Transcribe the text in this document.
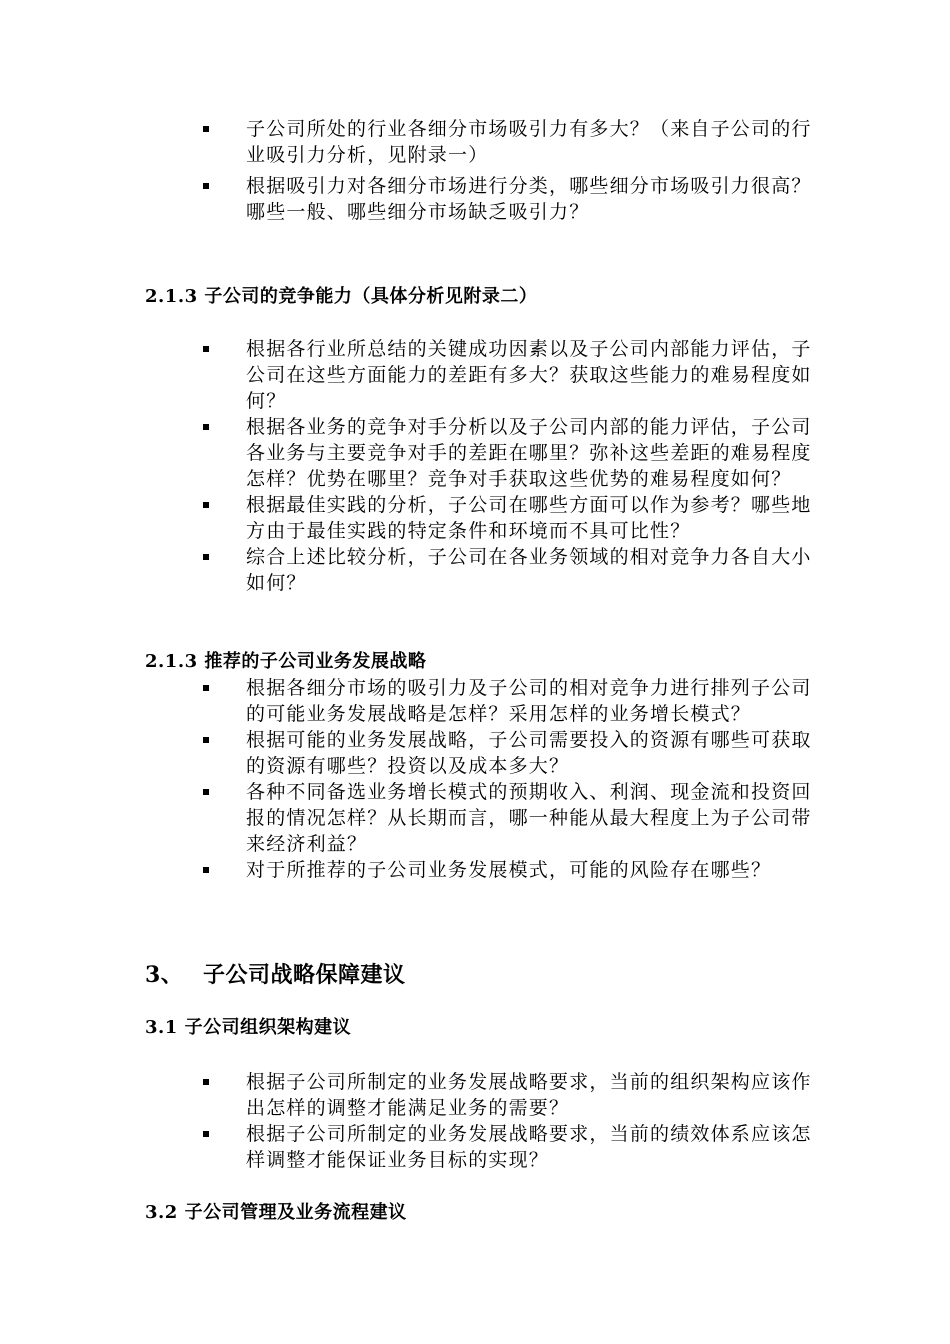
子公司所处的行业各细分市场吸引力有多大？（来自子公司的行业吸引力分析，见附录一）
根据吸引力对各细分市场进行分类，哪些细分市场吸引力很高？哪些一般、哪些细分市场缺乏吸引力？
2.1.3 子公司的竞争能力（具体分析见附录二）
根据各行业所总结的关键成功因素以及子公司内部能力评估，子公司在这些方面能力的差距有多大？获取这些能力的难易程度如何？
根据各业务的竞争对手分析以及子公司内部的能力评估，子公司各业务与主要竞争对手的差距在哪里？弥补这些差距的难易程度怎样？优势在哪里？竞争对手获取这些优势的难易程度如何？
根据最佳实践的分析，子公司在哪些方面可以作为参考？哪些地方由于最佳实践的特定条件和环境而不具可比性？
综合上述比较分析，子公司在各业务领域的相对竞争力各自大小如何？
2.1.3 推荐的子公司业务发展战略
根据各细分市场的吸引力及子公司的相对竞争力进行排列子公司的可能业务发展战略是怎样？采用怎样的业务增长模式？
根据可能的业务发展战略，子公司需要投入的资源有哪些可获取的资源有哪些？投资以及成本多大？
各种不同备选业务增长模式的预期收入、利润、现金流和投资回报的情况怎样？从长期而言，哪一种能从最大程度上为子公司带来经济利益？
对于所推荐的子公司业务发展模式，可能的风险存在哪些？
3、 子公司战略保障建议
3.1 子公司组织架构建议
根据子公司所制定的业务发展战略要求，当前的组织架构应该作出怎样的调整才能满足业务的需要？
根据子公司所制定的业务发展战略要求，当前的绩效体系应该怎样调整才能保证业务目标的实现？
3.2 子公司管理及业务流程建议
